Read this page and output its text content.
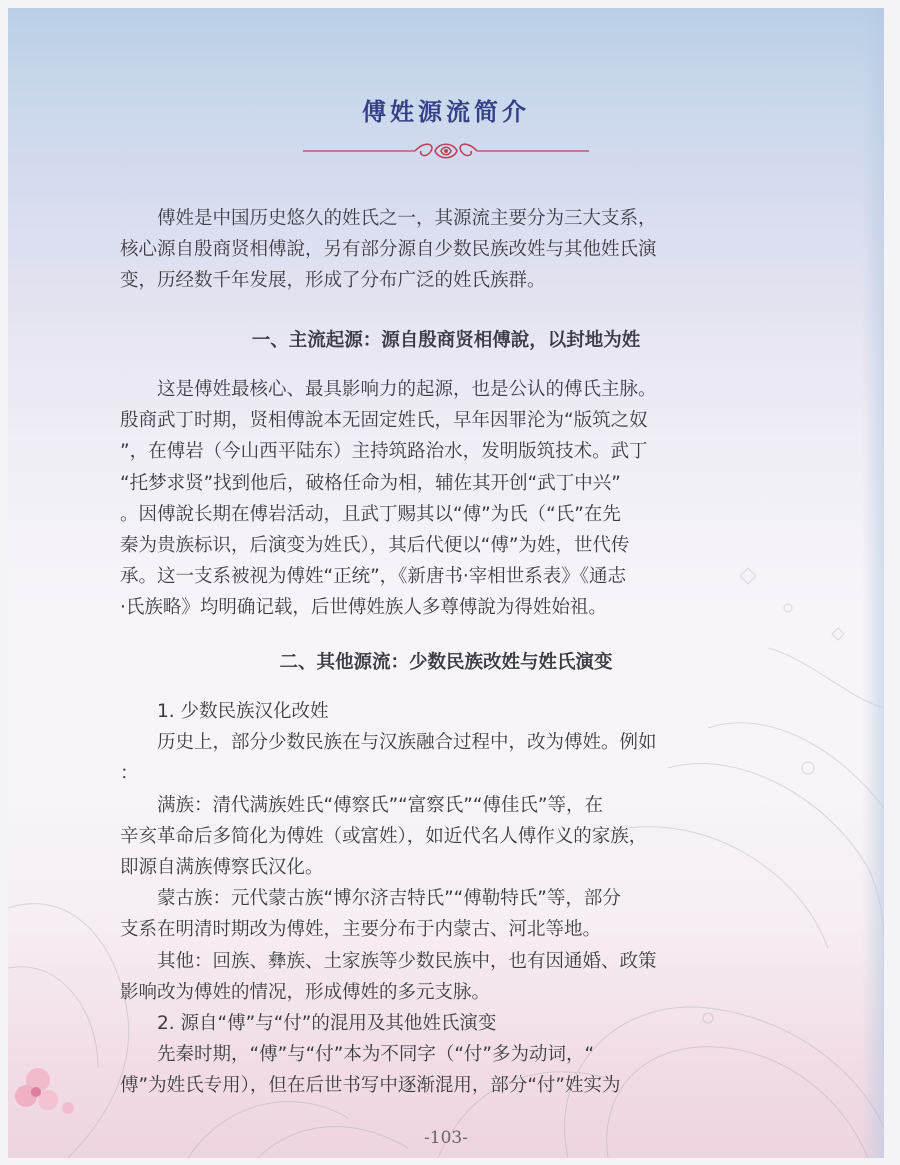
傅姓源流简介
傅姓是中国历史悠久的姓氏之一，其源流主要分为三大支系，
核心源自殷商贤相傅說，另有部分源自少数民族改姓与其他姓氏演
变，历经数千年发展，形成了分布广泛的姓氏族群。
一、主流起源：源自殷商贤相傅說，以封地为姓
这是傅姓最核心、最具影响力的起源，也是公认的傅氏主脉。
殷商武丁时期，贤相傅說本无固定姓氏，早年因罪沦为“版筑之奴
”，在傅岩（今山西平陆东）主持筑路治水，发明版筑技术。武丁
“托梦求贤”找到他后，破格任命为相，辅佐其开创“武丁中兴”
。因傅說长期在傅岩活动，且武丁赐其以“傅”为氏（“氏”在先
秦为贵族标识，后演变为姓氏），其后代便以“傅”为姓，世代传
承。这一支系被视为傅姓“正统”，《新唐书·宰相世系表》《通志
·氏族略》均明确记载，后世傅姓族人多尊傅說为得姓始祖。
二、其他源流：少数民族改姓与姓氏演变
1. 少数民族汉化改姓
历史上，部分少数民族在与汉族融合过程中，改为傅姓。例如
：
满族：清代满族姓氏“傅察氏”“富察氏”“傅佳氏”等，在
辛亥革命后多简化为傅姓（或富姓），如近代名人傅作义的家族，
即源自满族傅察氏汉化。
蒙古族：元代蒙古族“博尔济吉特氏”“傅勒特氏”等，部分
支系在明清时期改为傅姓，主要分布于内蒙古、河北等地。
其他：回族、彝族、土家族等少数民族中，也有因通婚、政策
影响改为傅姓的情况，形成傅姓的多元支脉。
2. 源自“傅”与“付”的混用及其他姓氏演变
先秦时期，“傅”与“付”本为不同字（“付”多为动词，“
傅”为姓氏专用），但在后世书写中逐渐混用，部分“付”姓实为
-103-
